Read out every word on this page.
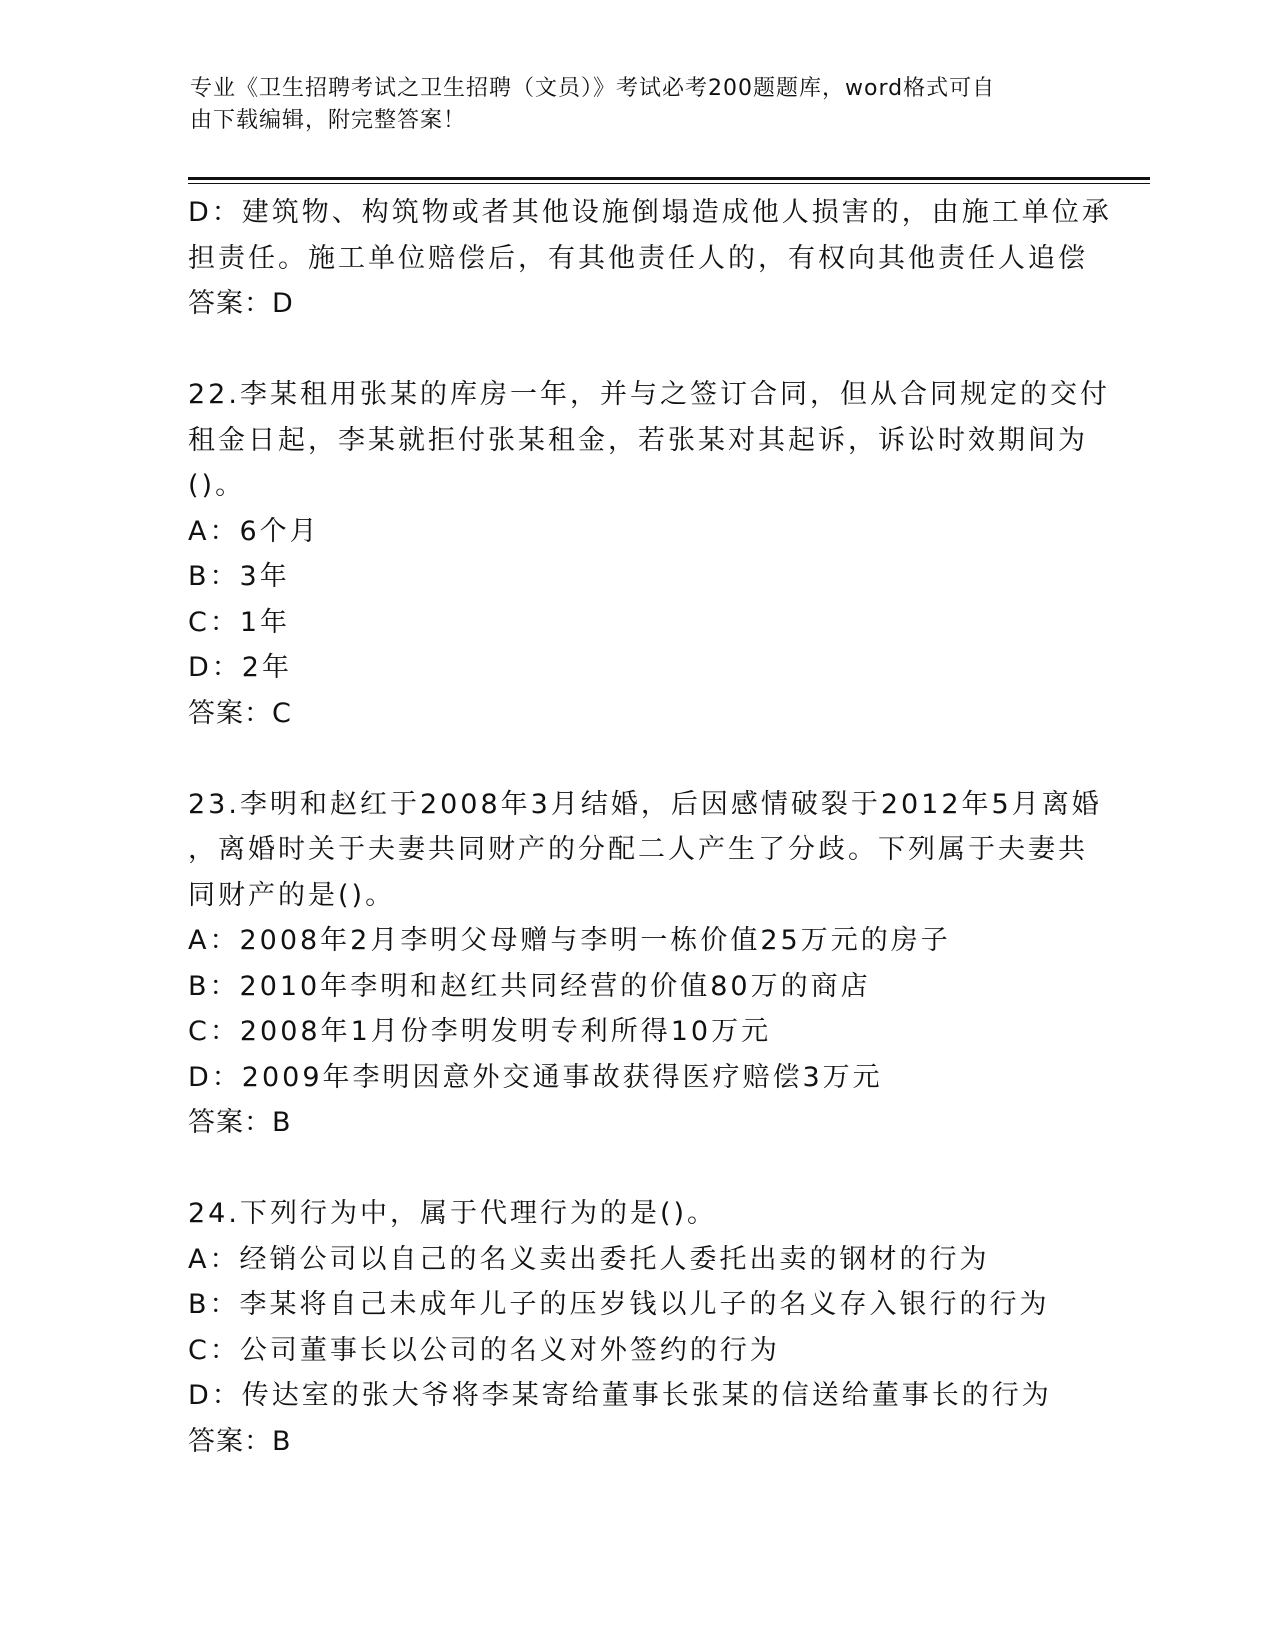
专业《卫生招聘考试之卫生招聘（文员）》考试必考200题题库，word格式可自
由下载编辑，附完整答案！
D：建筑物、构筑物或者其他设施倒塌造成他人损害的，由施工单位承
担责任。施工单位赔偿后，有其他责任人的，有权向其他责任人追偿
答案：D
22.李某租用张某的库房一年，并与之签订合同，但从合同规定的交付
租金日起，李某就拒付张某租金，若张某对其起诉，诉讼时效期间为
()。
A：6个月
B：3年
C：1年
D：2年
答案：C
23.李明和赵红于2008年3月结婚，后因感情破裂于2012年5月离婚
，离婚时关于夫妻共同财产的分配二人产生了分歧。下列属于夫妻共
同财产的是()。
A：2008年2月李明父母赠与李明一栋价值25万元的房子
B：2010年李明和赵红共同经营的价值80万的商店
C：2008年1月份李明发明专利所得10万元
D：2009年李明因意外交通事故获得医疗赔偿3万元
答案：B
24.下列行为中，属于代理行为的是()。
A：经销公司以自己的名义卖出委托人委托出卖的钢材的行为
B：李某将自己未成年儿子的压岁钱以儿子的名义存入银行的行为
C：公司董事长以公司的名义对外签约的行为
D：传达室的张大爷将李某寄给董事长张某的信送给董事长的行为
答案：B
